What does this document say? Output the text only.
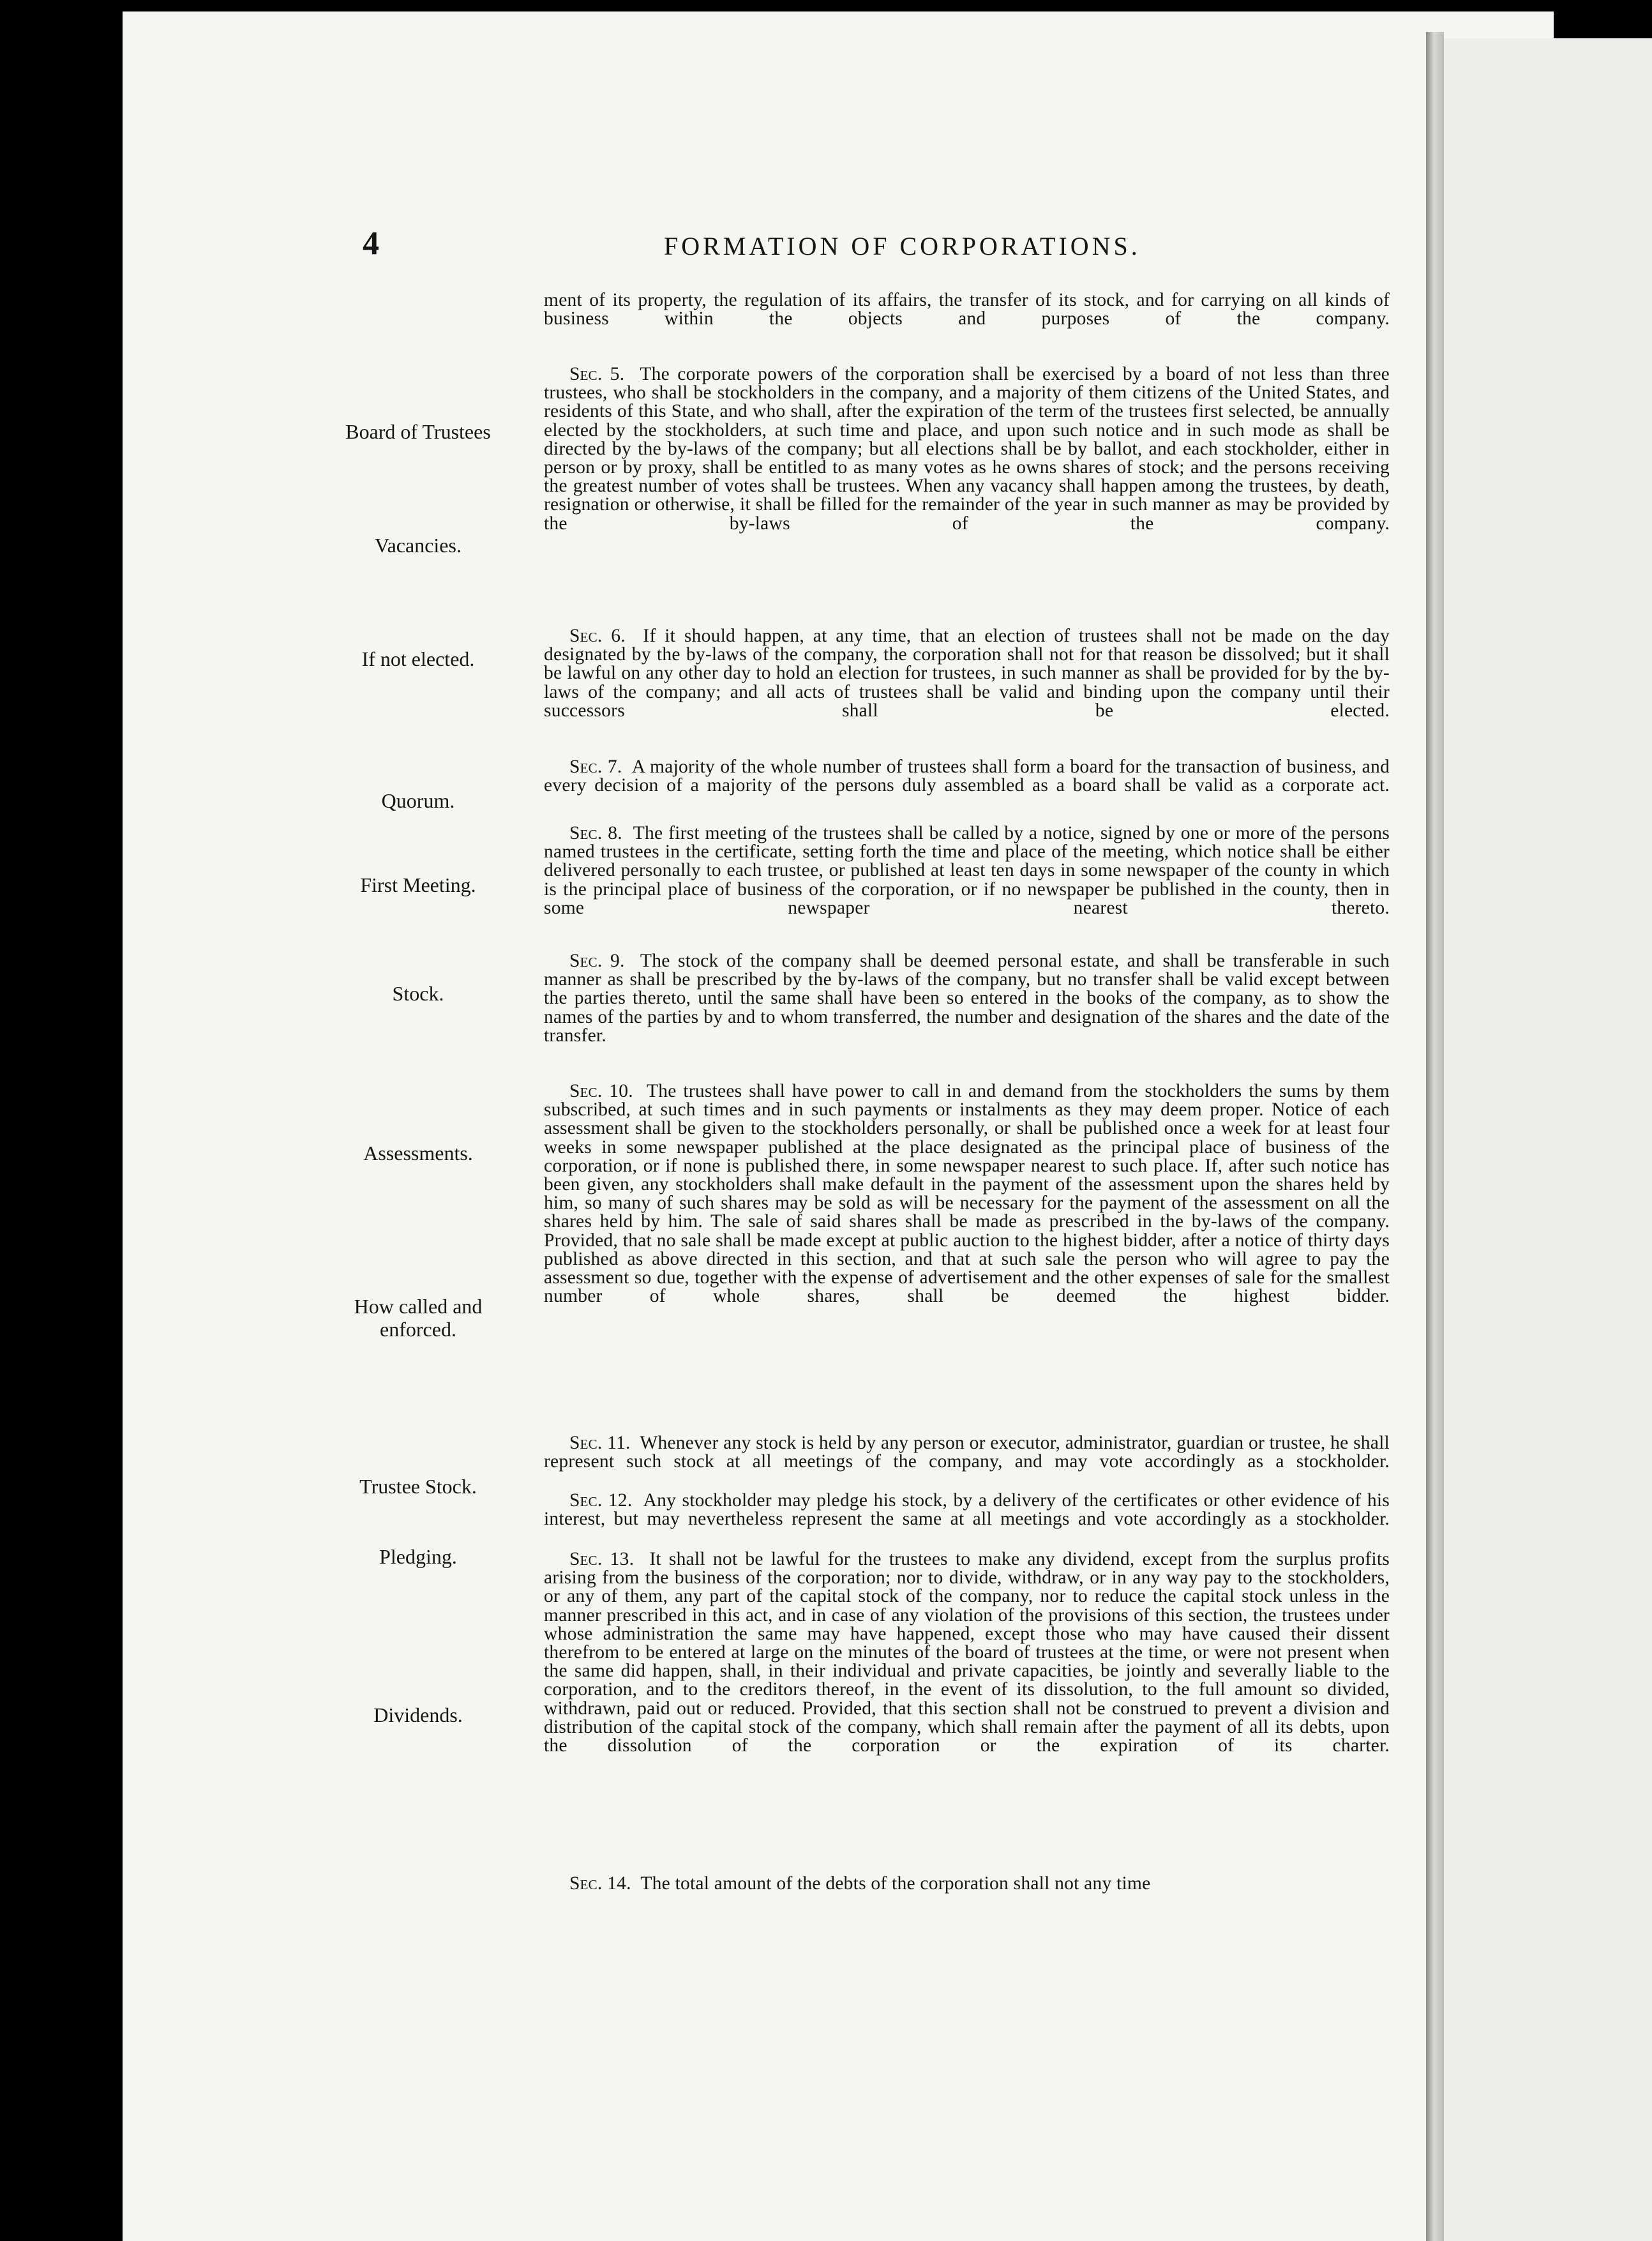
4	FORMATION OF CORPORATIONS.
Board of Trustees
Vacancies.
If not elected.
Quorum.
First Meeting.
Stock.
Assessments.
How called and enforced.
Trustee Stock.
Pledging.
Dividends.

ment of its property, the regulation of its affairs, the transfer of its stock, and for carrying on all kinds of business within the objects and purposes of the company.

Sec. 5. The corporate powers of the corporation shall be exercised by a board of not less than three trustees, who shall be stockholders in the company, and a majority of them citizens of the United States, and residents of this State, and who shall, after the expiration of the term of the trustees first selected, be annually elected by the stockholders, at such time and place, and upon such notice and in such mode as shall be directed by the by-laws of the company; but all elections shall be by ballot, and each stockholder, either in person or by proxy, shall be entitled to as many votes as he owns shares of stock; and the persons receiving the greatest number of votes shall be trustees. When any vacancy shall happen among the trustees, by death, resignation or otherwise, it shall be filled for the remainder of the year in such manner as may be provided by the by-laws of the company.

Sec. 6. If it should happen, at any time, that an election of trustees shall not be made on the day designated by the by-laws of the company, the corporation shall not for that reason be dissolved; but it shall be lawful on any other day to hold an election for trustees, in such manner as shall be provided for by the by-laws of the company; and all acts of trustees shall be valid and binding upon the company until their successors shall be elected.

Sec. 7. A majority of the whole number of trustees shall form a board for the transaction of business, and every decision of a majority of the persons duly assembled as a board shall be valid as a corporate act.

Sec. 8. The first meeting of the trustees shall be called by a notice, signed by one or more of the persons named trustees in the certificate, setting forth the time and place of the meeting, which notice shall be either delivered personally to each trustee, or published at least ten days in some newspaper of the county in which is the principal place of business of the corporation, or if no newspaper be published in the county, then in some newspaper nearest thereto.

Sec. 9. The stock of the company shall be deemed personal estate, and shall be transferable in such manner as shall be prescribed by the by-laws of the company, but no transfer shall be valid except between the parties thereto, until the same shall have been so entered in the books of the company, as to show the names of the parties by and to whom transferred, the number and designation of the shares and the date of the transfer.

Sec. 10. The trustees shall have power to call in and demand from the stockholders the sums by them subscribed, at such times and in such payments or instalments as they may deem proper. Notice of each assessment shall be given to the stockholders personally, or shall be published once a week for at least four weeks in some newspaper published at the place designated as the principal place of business of the corporation, or if none is published there, in some newspaper nearest to such place. If, after such notice has been given, any stockholders shall make default in the payment of the assessment upon the shares held by him, so many of such shares may be sold as will be necessary for the payment of the assessment on all the shares held by him. The sale of said shares shall be made as prescribed in the by-laws of the company. Provided, that no sale shall be made except at public auction to the highest bidder, after a notice of thirty days published as above directed in this section, and that at such sale the person who will agree to pay the assessment so due, together with the expense of advertisement and the other expenses of sale for the smallest number of whole shares, shall be deemed the highest bidder.

Sec. 11. Whenever any stock is held by any person or executor, administrator, guardian or trustee, he shall represent such stock at all meetings of the company, and may vote accordingly as a stockholder.

Sec. 12. Any stockholder may pledge his stock, by a delivery of the certificates or other evidence of his interest, but may nevertheless represent the same at all meetings and vote accordingly as a stockholder.

Sec. 13. It shall not be lawful for the trustees to make any dividend, except from the surplus profits arising from the business of the corporation; nor to divide, withdraw, or in any way pay to the stockholders, or any of them, any part of the capital stock of the company, nor to reduce the capital stock unless in the manner prescribed in this act, and in case of any violation of the provisions of this section, the trustees under whose administration the same may have happened, except those who may have caused their dissent therefrom to be entered at large on the minutes of the board of trustees at the time, or were not present when the same did happen, shall, in their individual and private capacities, be jointly and severally liable to the corporation, and to the creditors thereof, in the event of its dissolution, to the full amount so divided, withdrawn, paid out or reduced. Provided, that this section shall not be construed to prevent a division and distribution of the capital stock of the company, which shall remain after the payment of all its debts, upon the dissolution of the corporation or the expiration of its charter.

Sec. 14. The total amount of the debts of the corporation shall not any time
